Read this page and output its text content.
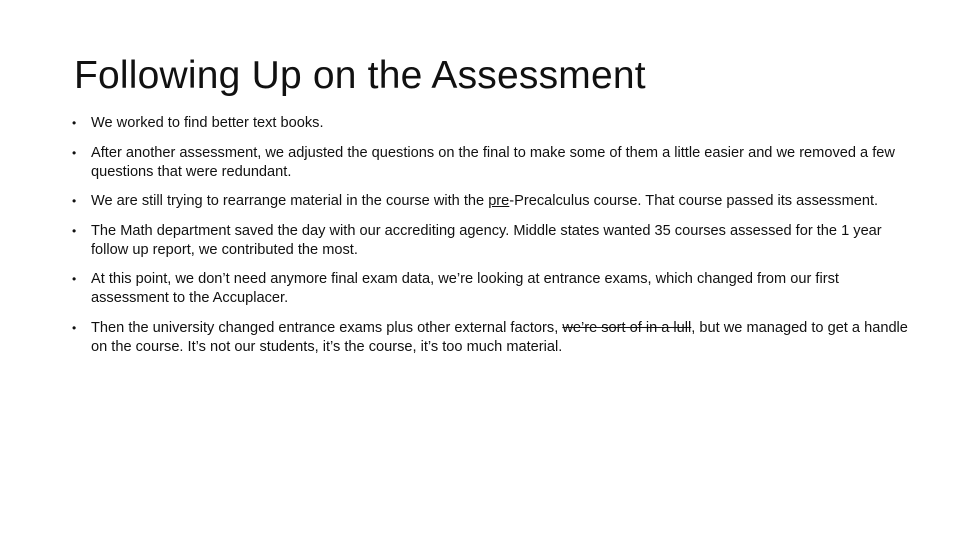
Following Up on the Assessment
• We worked to find better text books.
• After another assessment, we adjusted the questions on the final to make some of them a little easier and we removed a few questions that were redundant.
• We are still trying to rearrange material in the course with the pre-Precalculus course. That course passed its assessment.
• The Math department saved the day with our accrediting agency. Middle states wanted 35 courses assessed for the 1 year follow up report, we contributed the most.
• At this point, we don’t need anymore final exam data, we’re looking at entrance exams, which changed from our first assessment to the Accuplacer.
• Then the university changed entrance exams plus other external factors, we’re sort of in a lull, but we managed to get a handle on the course. It’s not our students, it’s the course, it’s too much material.
